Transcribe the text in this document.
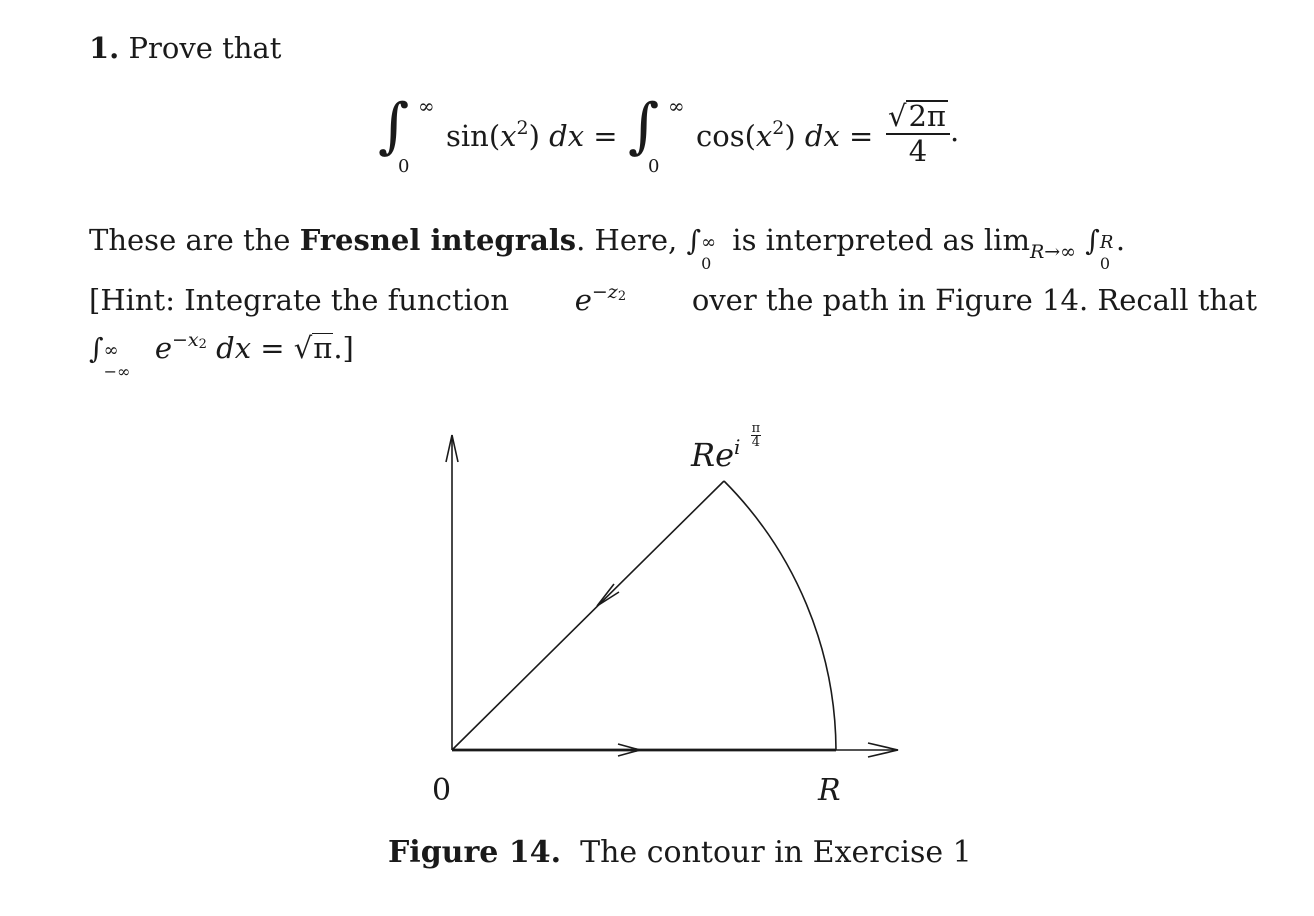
1. Prove that
∫ ∞
0
$\sin(x^2)$ dx = ∫ ∞
0
$\cos(x^2)$ dx = $\frac{√2\pi}{4}$ .
These are the Fresnel integrals. Here, ∫ ∞
0
is interpreted as $\lim_{R\to\infty}$ ∫ R
0
.
[Hint: Integrate the function $e^{-z2}$ over the path in Figure 14. Recall that
∫ ∞
−∞
$e^{-x2}$ dx = √π.]
$Re^i \frac{\pi}{4}$
0	R
Figure 14. The contour in Exercise 1
